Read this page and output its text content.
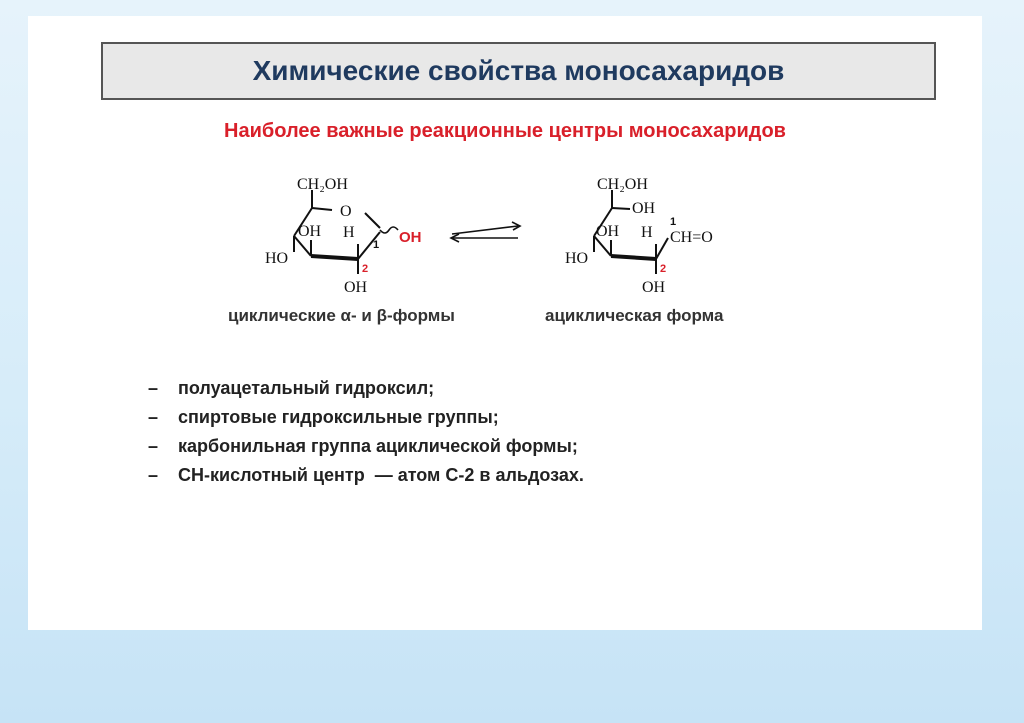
Химические свойства моносахаридов
Наиболее важные реакционные центры моносахаридов
CH₂OH
O
OH H
HO
OH
OH
1
2
CH₂OH
OH
OH H
HO
OH
CH=O
1
2
циклические α- и β-формы	ациклическая форма
– полуацетальный гидроксил;
– спиртовые гидроксильные группы;
– карбонильная группа ациклической формы;
– СН-кислотный центр  — атом С-2 в альдозах.
